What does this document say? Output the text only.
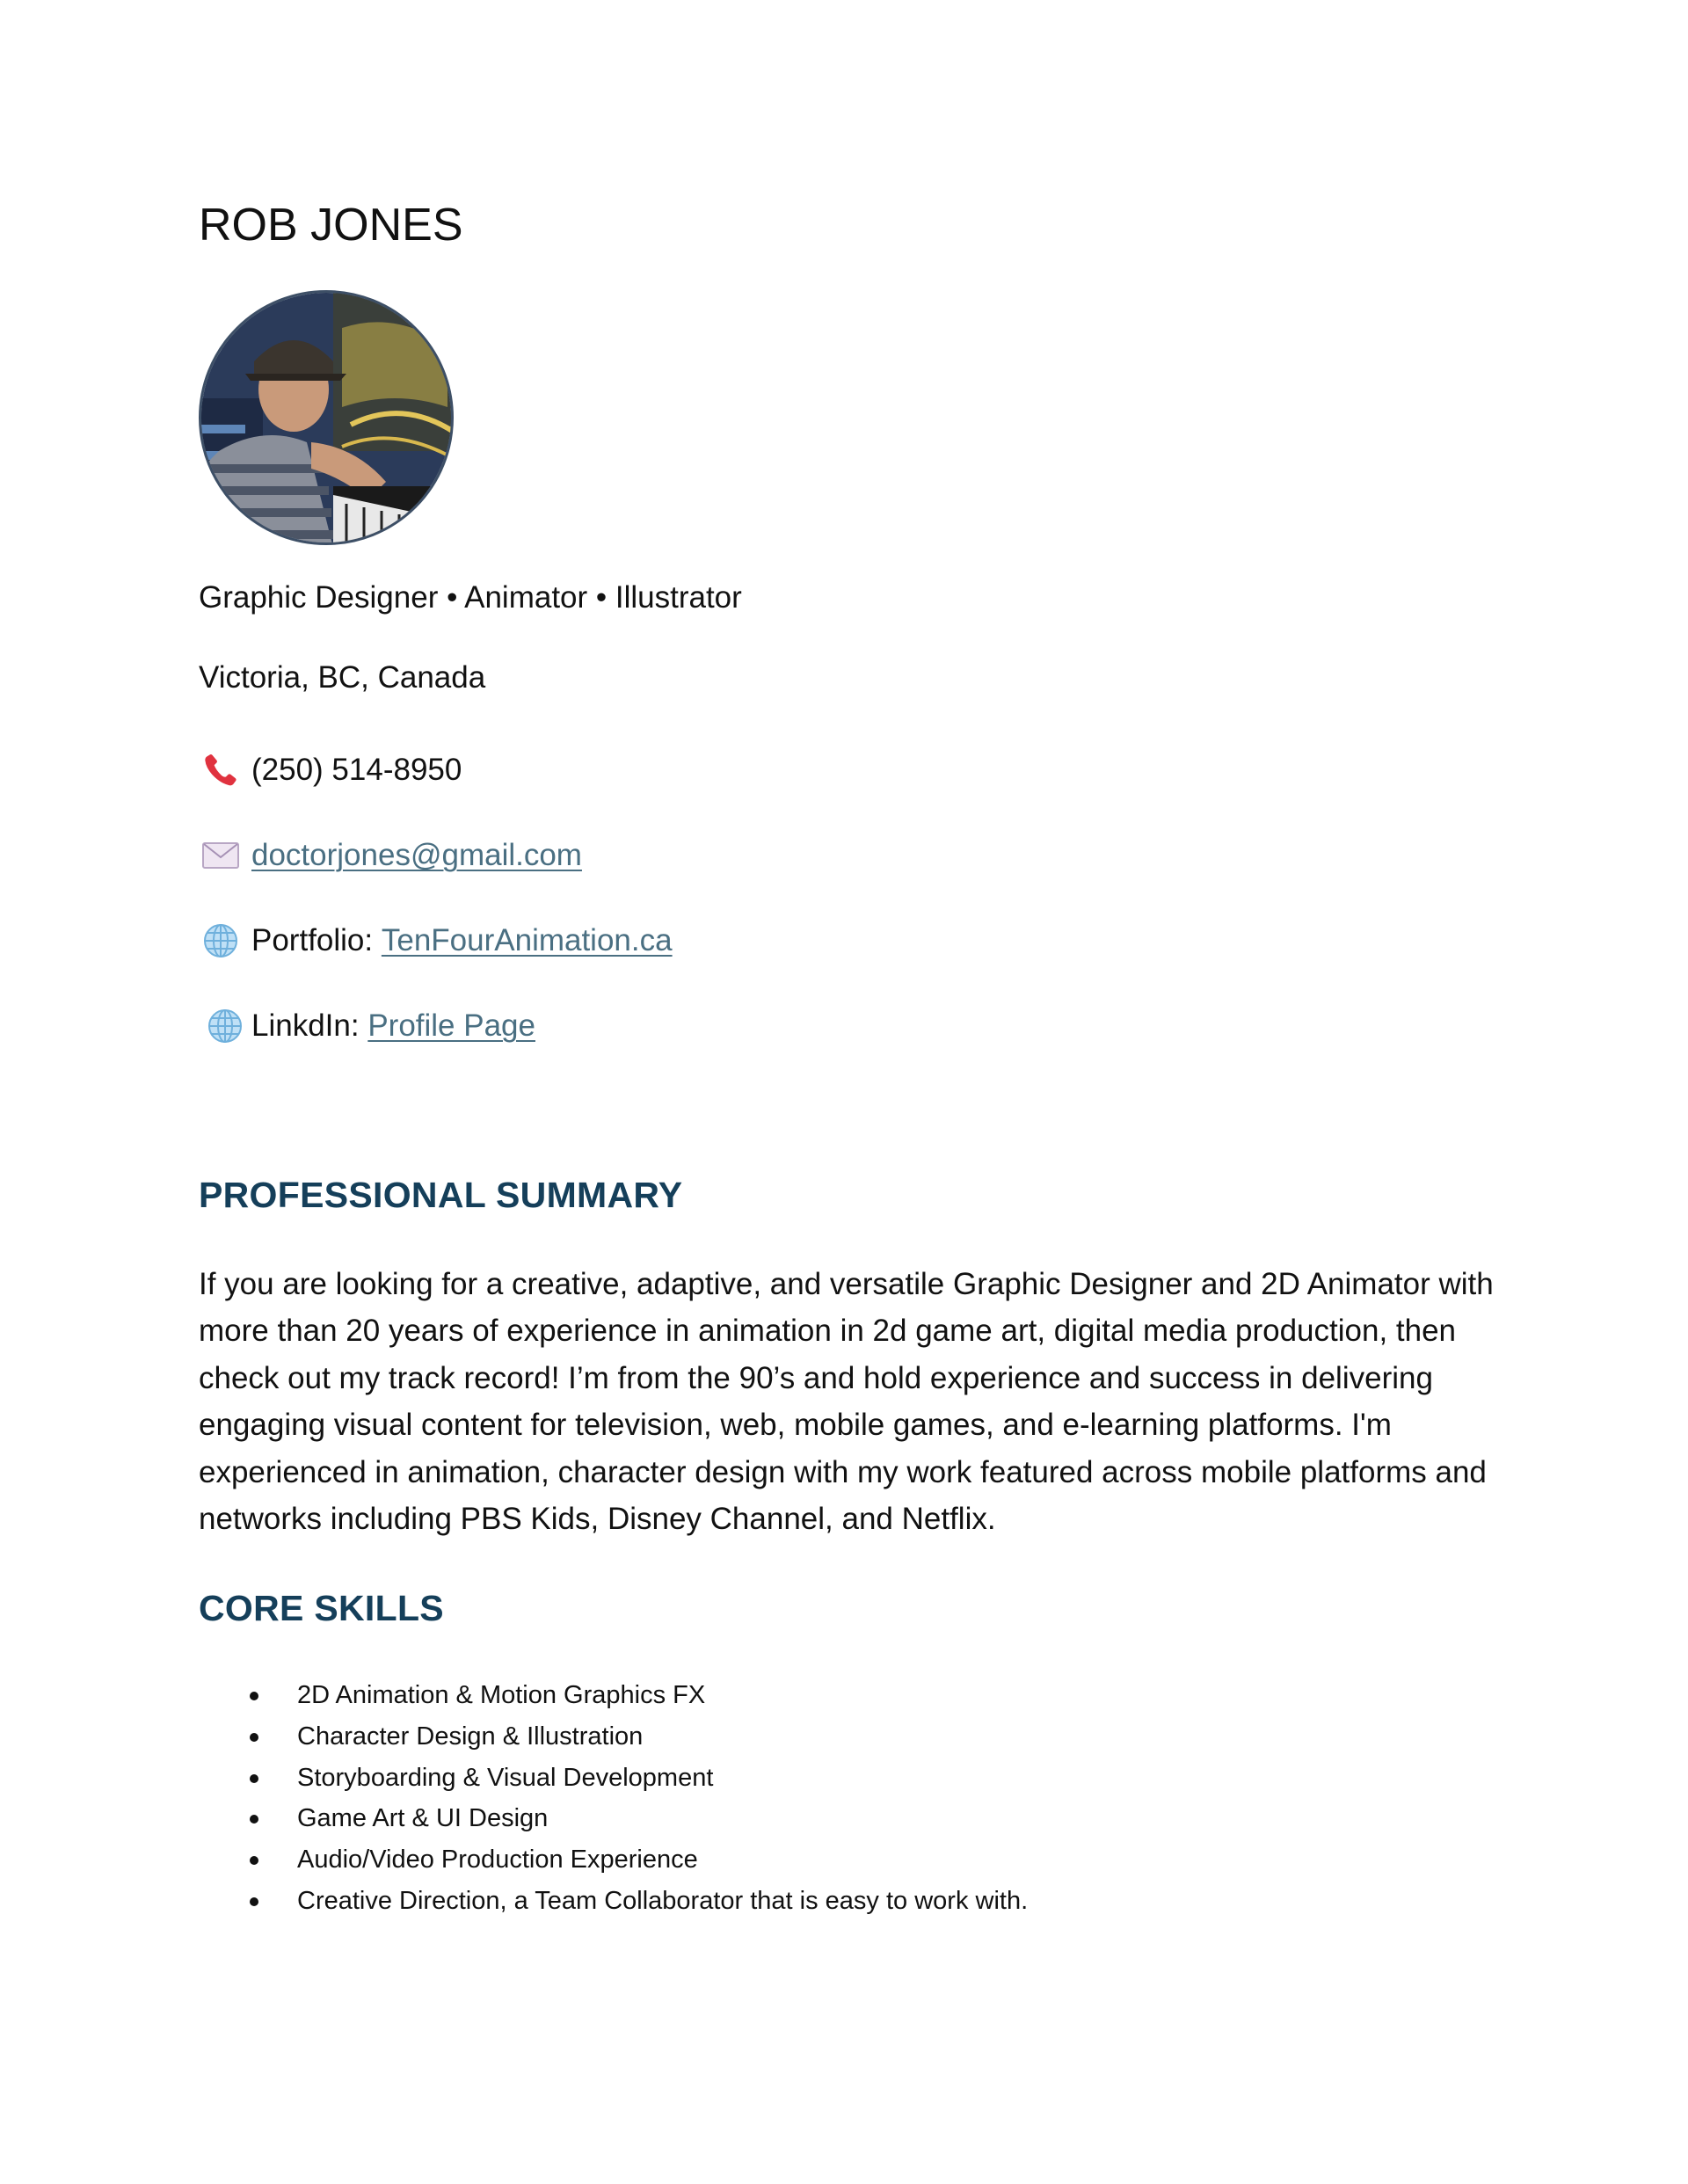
ROB JONES
Graphic Designer • Animator • Illustrator
Victoria, BC, Canada
(250) 514-8950
doctorjones@gmail.com
Portfolio: TenFourAnimation.ca
LinkdIn: Profile Page
PROFESSIONAL SUMMARY
If you are looking for a creative, adaptive, and versatile Graphic Designer and 2D Animator with more than 20 years of experience in animation in 2d game art, digital media production, then check out my track record! I’m from the 90’s and hold experience and success in delivering engaging visual content for television, web, mobile games, and e-learning platforms. I'm experienced in animation, character design with my work featured across mobile platforms and networks including PBS Kids, Disney Channel, and Netflix.
CORE SKILLS
2D Animation & Motion Graphics FX
Character Design & Illustration
Storyboarding & Visual Development
Game Art & UI Design
Audio/Video Production Experience
Creative Direction, a Team Collaborator that is easy to work with.
